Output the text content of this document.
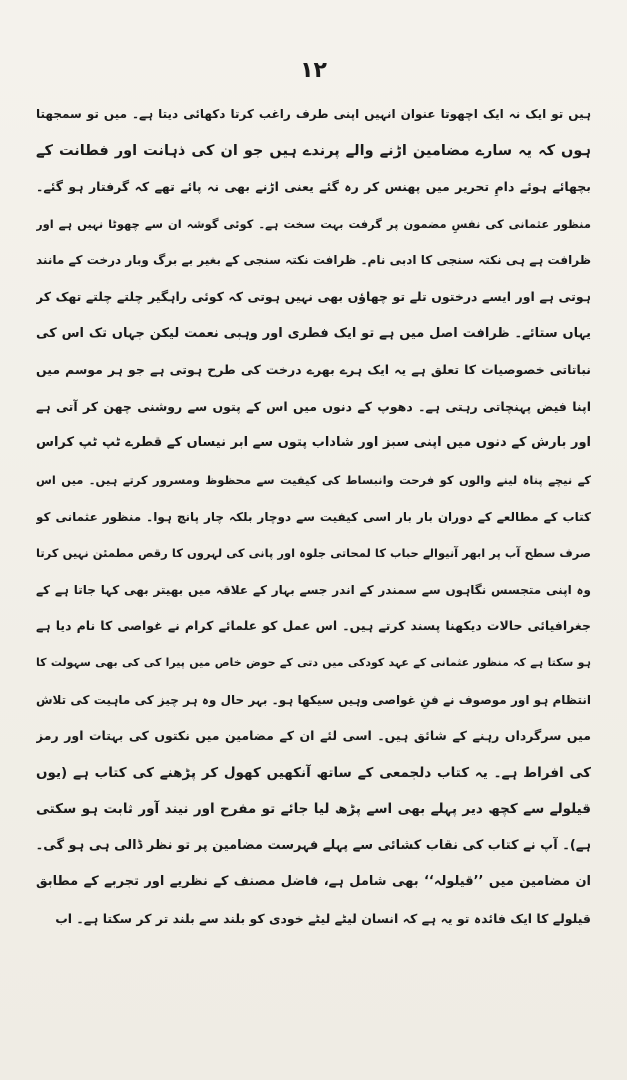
۱۲
ہیں تو ایک نہ ایک اچھوتا عنوان انہیں اپنی طرف راغب کرتا دکھائی دیتا ہے۔ میں تو سمجھتا
ہوں کہ یہ سارے مضامین اڑنے والے پرندے ہیں جو ان کی ذہانت اور فطانت کے
بچھائے ہوئے دامِ تحریر میں پھنس کر رہ گئے یعنی اڑنے بھی نہ پائے تھے کہ گرفتار ہو گئے۔
منظور عثمانی کی نفسِ مضمون پر گرفت بہت سخت ہے۔ کوئی گوشہ ان سے چھوٹا نہیں ہے اور
ظرافت ہے ہی نکتہ سنجی کا ادبی نام۔ ظرافت نکتہ سنجی کے بغیر بے برگ وبار درخت کے مانند
ہوتی ہے اور ایسے درختوں تلے تو چھاؤں بھی نہیں ہوتی کہ کوئی راہگیر چلتے چلتے تھک کر
یہاں ستائے۔ ظرافت اصل میں ہے تو ایک فطری اور وہبی نعمت لیکن جہاں تک اس کی
نباتاتی خصوصیات کا تعلق ہے یہ ایک ہرے بھرے درخت کی طرح ہوتی ہے جو ہر موسم میں
اپنا فیض پہنچاتی رہتی ہے۔ دھوپ کے دنوں میں اس کے پتوں سے روشنی چھن کر آتی ہے
اور بارش کے دنوں میں اپنی سبز اور شاداب پتوں سے ابر نیساں کے قطرے ٹپ ٹپ کراس
کے نیچے پناہ لینے والوں کو فرحت وانبساط کی کیفیت سے محظوظ ومسرور کرتے ہیں۔ میں اس
کتاب کے مطالعے کے دوران بار بار اسی کیفیت سے دوچار بلکہ چار پانچ ہوا۔ منظور عثمانی کو
صرف سطح آب پر ابھر آنیوالے حباب کا لمحاتی جلوہ اور پانی کی لہروں کا رقص مطمئن نہیں کرتا
وہ اپنی متجسس نگاہوں سے سمندر کے اندر جسے بہار کے علاقہ میں بھیتر بھی کہا جاتا ہے کے
جغرافیائی حالات دیکھنا پسند کرتے ہیں۔ اس عمل کو علمائے کرام نے غواصی کا نام دیا ہے
ہو سکتا ہے کہ منظور عثمانی کے عہد کودکی میں دتی کے حوض خاص میں پیرا کی کی بھی سہولت کا
انتظام ہو اور موصوف نے فنِ غواصی وہیں سیکھا ہو۔ بہر حال وہ ہر چیز کی ماہیت کی تلاش
میں سرگرداں رہنے کے شائق ہیں۔ اسی لئے ان کے مضامین میں نکتوں کی بہتات اور رمز
کی افراط ہے۔ یہ کتاب دلجمعی کے ساتھ آنکھیں کھول کر پڑھنے کی کتاب ہے (یوں
قیلولے سے کچھ دیر پہلے بھی اسے پڑھ لیا جائے تو مفرح اور نیند آور ثابت ہو سکتی
ہے)۔ آپ نے کتاب کی نقاب کشائی سے پہلے فہرست مضامین پر تو نظر ڈالی ہی ہو گی۔
ان مضامین میں ’’قیلولہ‘‘ بھی شامل ہے، فاضل مصنف کے نظریے اور تجربے کے مطابق
قیلولے کا ایک فائدہ تو یہ ہے کہ انسان لیٹے لیٹے خودی کو بلند سے بلند تر کر سکتا ہے۔ اب
